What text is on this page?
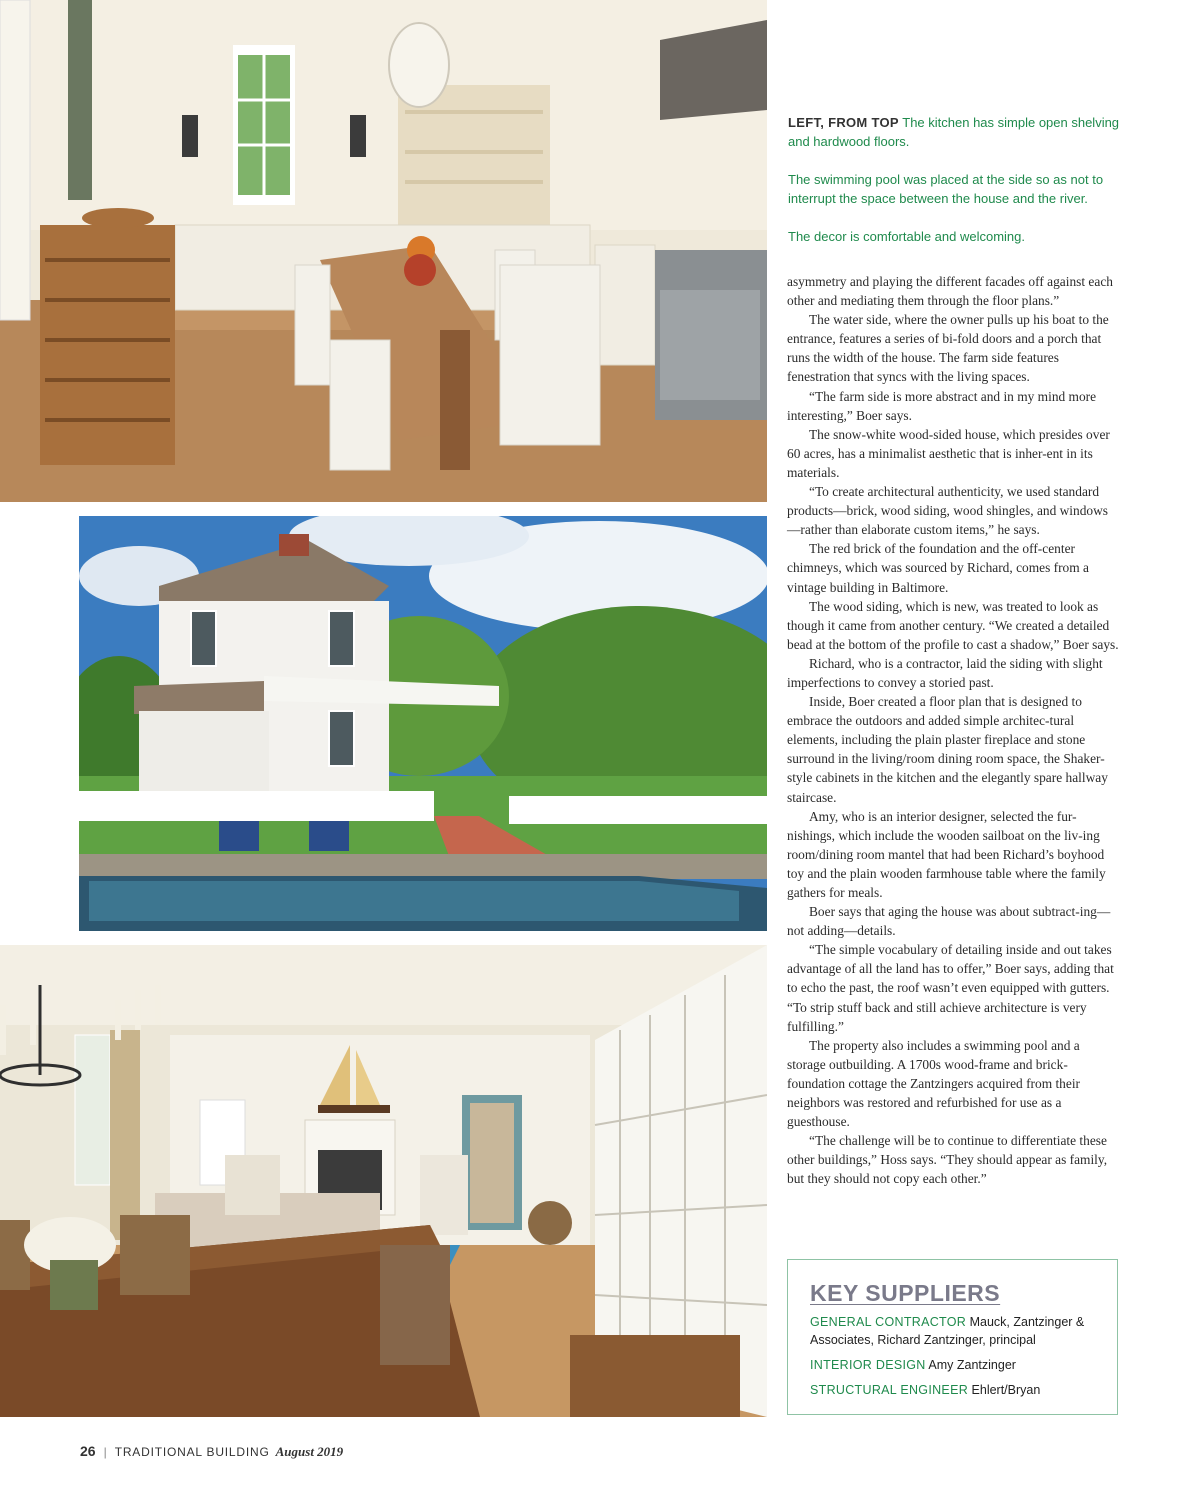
LEFT, FROM TOP The kitchen has simple open shelving and hardwood floors.

The swimming pool was placed at the side so as not to interrupt the space between the house and the river.

The decor is comfortable and welcoming.

asymmetry and playing the different facades off against each other and mediating them through the floor plans.”

The water side, where the owner pulls up his boat to the entrance, features a series of bi-fold doors and a porch that runs the width of the house. The farm side features fenestration that syncs with the living spaces.

“The farm side is more abstract and in my mind more interesting,” Boer says.

The snow-white wood-sided house, which presides over 60 acres, has a minimalist aesthetic that is inher-ent in its materials.

“To create architectural authenticity, we used standard products—brick, wood siding, wood shingles, and windows—rather than elaborate custom items,” he says.

The red brick of the foundation and the off-center chimneys, which was sourced by Richard, comes from a vintage building in Baltimore.

The wood siding, which is new, was treated to look as though it came from another century. “We created a detailed bead at the bottom of the profile to cast a shadow,” Boer says.

Richard, who is a contractor, laid the siding with slight imperfections to convey a storied past.

Inside, Boer created a floor plan that is designed to embrace the outdoors and added simple architec-tural elements, including the plain plaster fireplace and stone surround in the living/room dining room space, the Shaker-style cabinets in the kitchen and the elegantly spare hallway staircase.

Amy, who is an interior designer, selected the fur-nishings, which include the wooden sailboat on the liv-ing room/dining room mantel that had been Richard’s boyhood toy and the plain wooden farmhouse table where the family gathers for meals.

Boer says that aging the house was about subtract-ing—not adding—details.

“The simple vocabulary of detailing inside and out takes advantage of all the land has to offer,” Boer says, adding that to echo the past, the roof wasn’t even equipped with gutters. “To strip stuff back and still achieve architecture is very fulfilling.”

The property also includes a swimming pool and a storage outbuilding. A 1700s wood-frame and brick-foundation cottage the Zantzingers acquired from their neighbors was restored and refurbished for use as a guesthouse.

“The challenge will be to continue to differentiate these other buildings,” Hoss says. “They should appear as family, but they should not copy each other.”

KEY SUPPLIERS
GENERAL CONTRACTOR Mauck, Zantzinger & Associates, Richard Zantzinger, principal
INTERIOR DESIGN Amy Zantzinger
STRUCTURAL ENGINEER Ehlert/Bryan
26 | TRADITIONAL BUILDING August 2019
